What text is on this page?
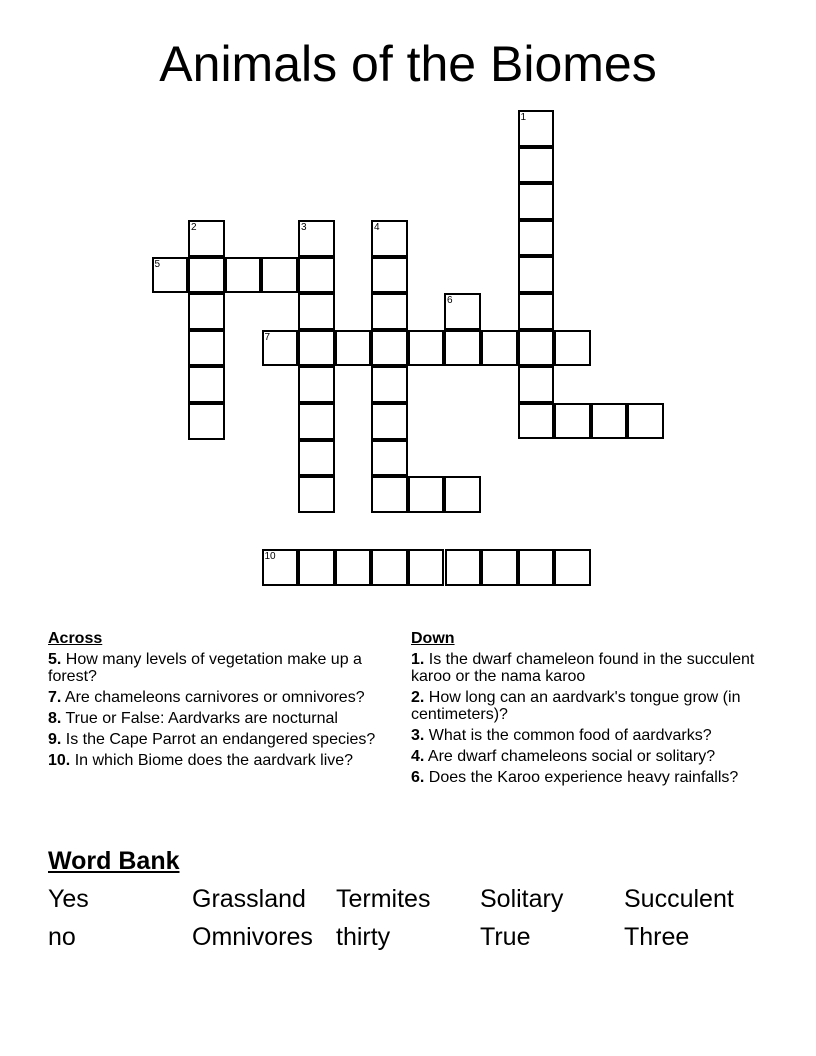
Animals of the Biomes
1
2	3	4
5
6
7
10
Across
5. How many levels of vegetation make up a forest?
7. Are chameleons carnivores or omnivores?
8. True or False: Aardvarks are nocturnal
9. Is the Cape Parrot an endangered species?
10. In which Biome does the aardvark live?
Down
1. Is the dwarf chameleon found in the succulent karoo or the nama karoo
2. How long can an aardvark's tongue grow (in centimeters)?
3. What is the common food of aardvarks?
4. Are dwarf chameleons social or solitary?
6. Does the Karoo experience heavy rainfalls?
Word Bank
Yes	Grassland Termites Solitary Succulent
no	Omnivores thirty	True	Three
